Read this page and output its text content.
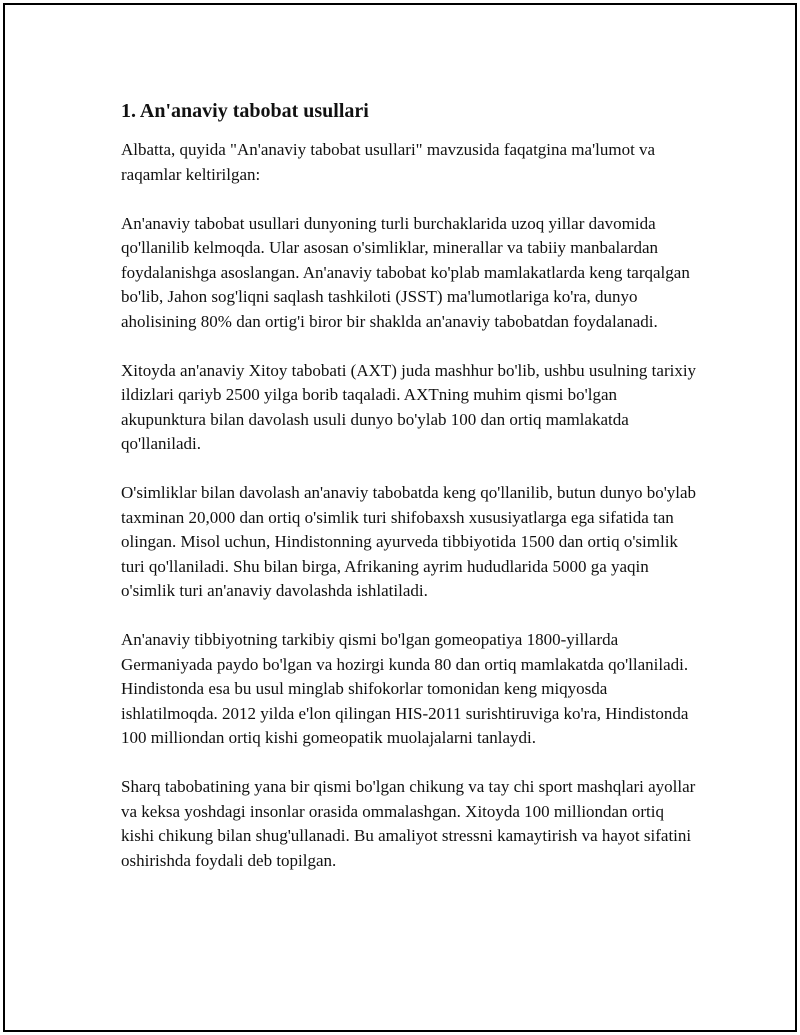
1. An'anaviy tabobat usullari

Albatta, quyida "An'anaviy tabobat usullari" mavzusida faqatgina ma'lumot va raqamlar keltirilgan:

An'anaviy tabobat usullari dunyoning turli burchaklarida uzoq yillar davomida qo'llanilib kelmoqda. Ular asosan o'simliklar, minerallar va tabiiy manbalardan foydalanishga asoslangan. An'anaviy tabobat ko'plab mamlakatlarda keng tarqalgan bo'lib, Jahon sog'liqni saqlash tashkiloti (JSST) ma'lumotlariga ko'ra, dunyo aholisining 80% dan ortig'i biror bir shaklda an'anaviy tabobatdan foydalanadi.

Xitoyda an'anaviy Xitoy tabobati (AXT) juda mashhur bo'lib, ushbu usulning tarixiy ildizlari qariyb 2500 yilga borib taqaladi. AXTning muhim qismi bo'lgan akupunktura bilan davolash usuli dunyo bo'ylab 100 dan ortiq mamlakatda qo'llaniladi.

O'simliklar bilan davolash an'anaviy tabobatda keng qo'llanilib, butun dunyo bo'ylab taxminan 20,000 dan ortiq o'simlik turi shifobaxsh xususiyatlarga ega sifatida tan olingan. Misol uchun, Hindistonning ayurveda tibbiyotida 1500 dan ortiq o'simlik turi qo'llaniladi. Shu bilan birga, Afrikaning ayrim hududlarida 5000 ga yaqin o'simlik turi an'anaviy davolashda ishlatiladi.

An'anaviy tibbiyotning tarkibiy qismi bo'lgan gomeopatiya 1800-yillarda Germaniyada paydo bo'lgan va hozirgi kunda 80 dan ortiq mamlakatda qo'llaniladi. Hindistonda esa bu usul minglab shifokorlar tomonidan keng miqyosda ishlatilmoqda. 2012 yilda e'lon qilingan HIS-2011 surishtiruviga ko'ra, Hindistonda 100 milliondan ortiq kishi gomeopatik muolajalarni tanlaydi.

Sharq tabobatining yana bir qismi bo'lgan chikung va tay chi sport mashqlari ayollar va keksa yoshdagi insonlar orasida ommalashgan. Xitoyda 100 milliondan ortiq kishi chikung bilan shug'ullanadi. Bu amaliyot stressni kamaytirish va hayot sifatini oshirishda foydali deb topilgan.
